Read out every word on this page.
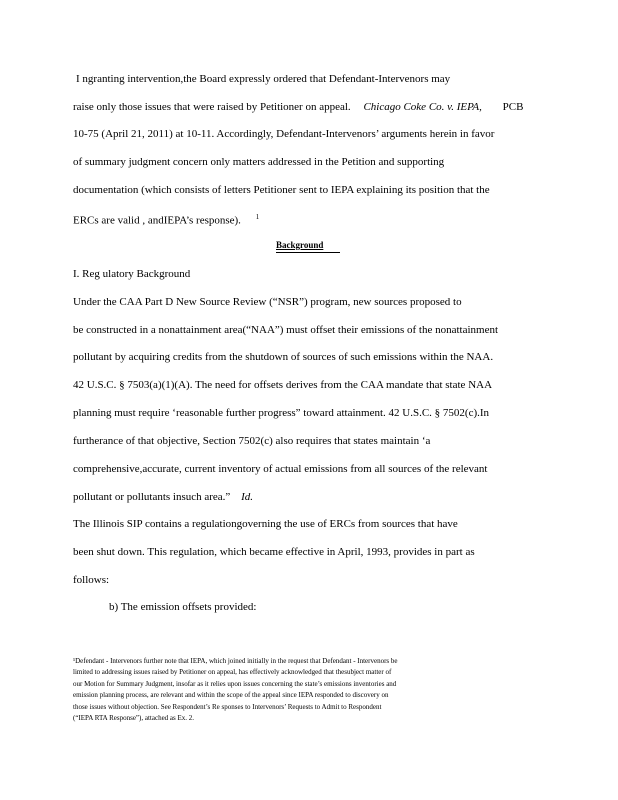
I ngranting intervention,the Board expressly ordered that Defendant-Intervenors may
raise only those issues that were raised by Petitioner on appeal. Chicago Coke Co. v. IEPA, PCB
10-75 (April 21, 2011) at 10-11. Accordingly, Defendant-Intervenors’ arguments herein in favor
of summary judgment concern only matters addressed in the Petition and supporting
documentation (which consists of letters Petitioner sent to IEPA explaining its position that the
ERCs are valid , andIEPA’s response). $^1$
Background
I. Reg ulatory Background
Under the CAA Part D New Source Review (“NSR”) program, new sources proposed to
be constructed in a nonattainment area(“NAA”) must offset their emissions of the nonattainment
pollutant by acquiring credits from the shutdown of sources of such emissions within the NAA.
42 U.S.C. § 7503(a)(1)(A). The need for offsets derives from the CAA mandate that state NAA
planning must require ‘reasonable further progress” toward attainment. 42 U.S.C. § 7502(c).In
furtherance of that objective, Section 7502(c) also requires that states maintain ‘a
comprehensive,accurate, current inventory of actual emissions from all sources of the relevant
pollutant or pollutants insuch area.” Id.
The Illinois SIP contains a regulationgoverning the use of ERCs from sources that have
been shut down. This regulation, which became effective in April, 1993, provides in part as
follows:
b) The emission offsets provided:
¹Defendant - Intervenors further note that IEPA, which joined initially in the request that Defendant - Intervenors be
limited to addressing issues raised by Petitioner on appeal, has effectively acknowledged that thesubject matter of
our Motion for Summary Judgment, insofar as it relies upon issues concerning the state’s emissions inventories and
emission planning process, are relevant and within the scope of the appeal since IEPA responded to discovery on
those issues without objection. See Respondent’s Re sponses to Intervenors’ Requests to Admit to Respondent
(“IEPA RTA Response”), attached as Ex. 2.
